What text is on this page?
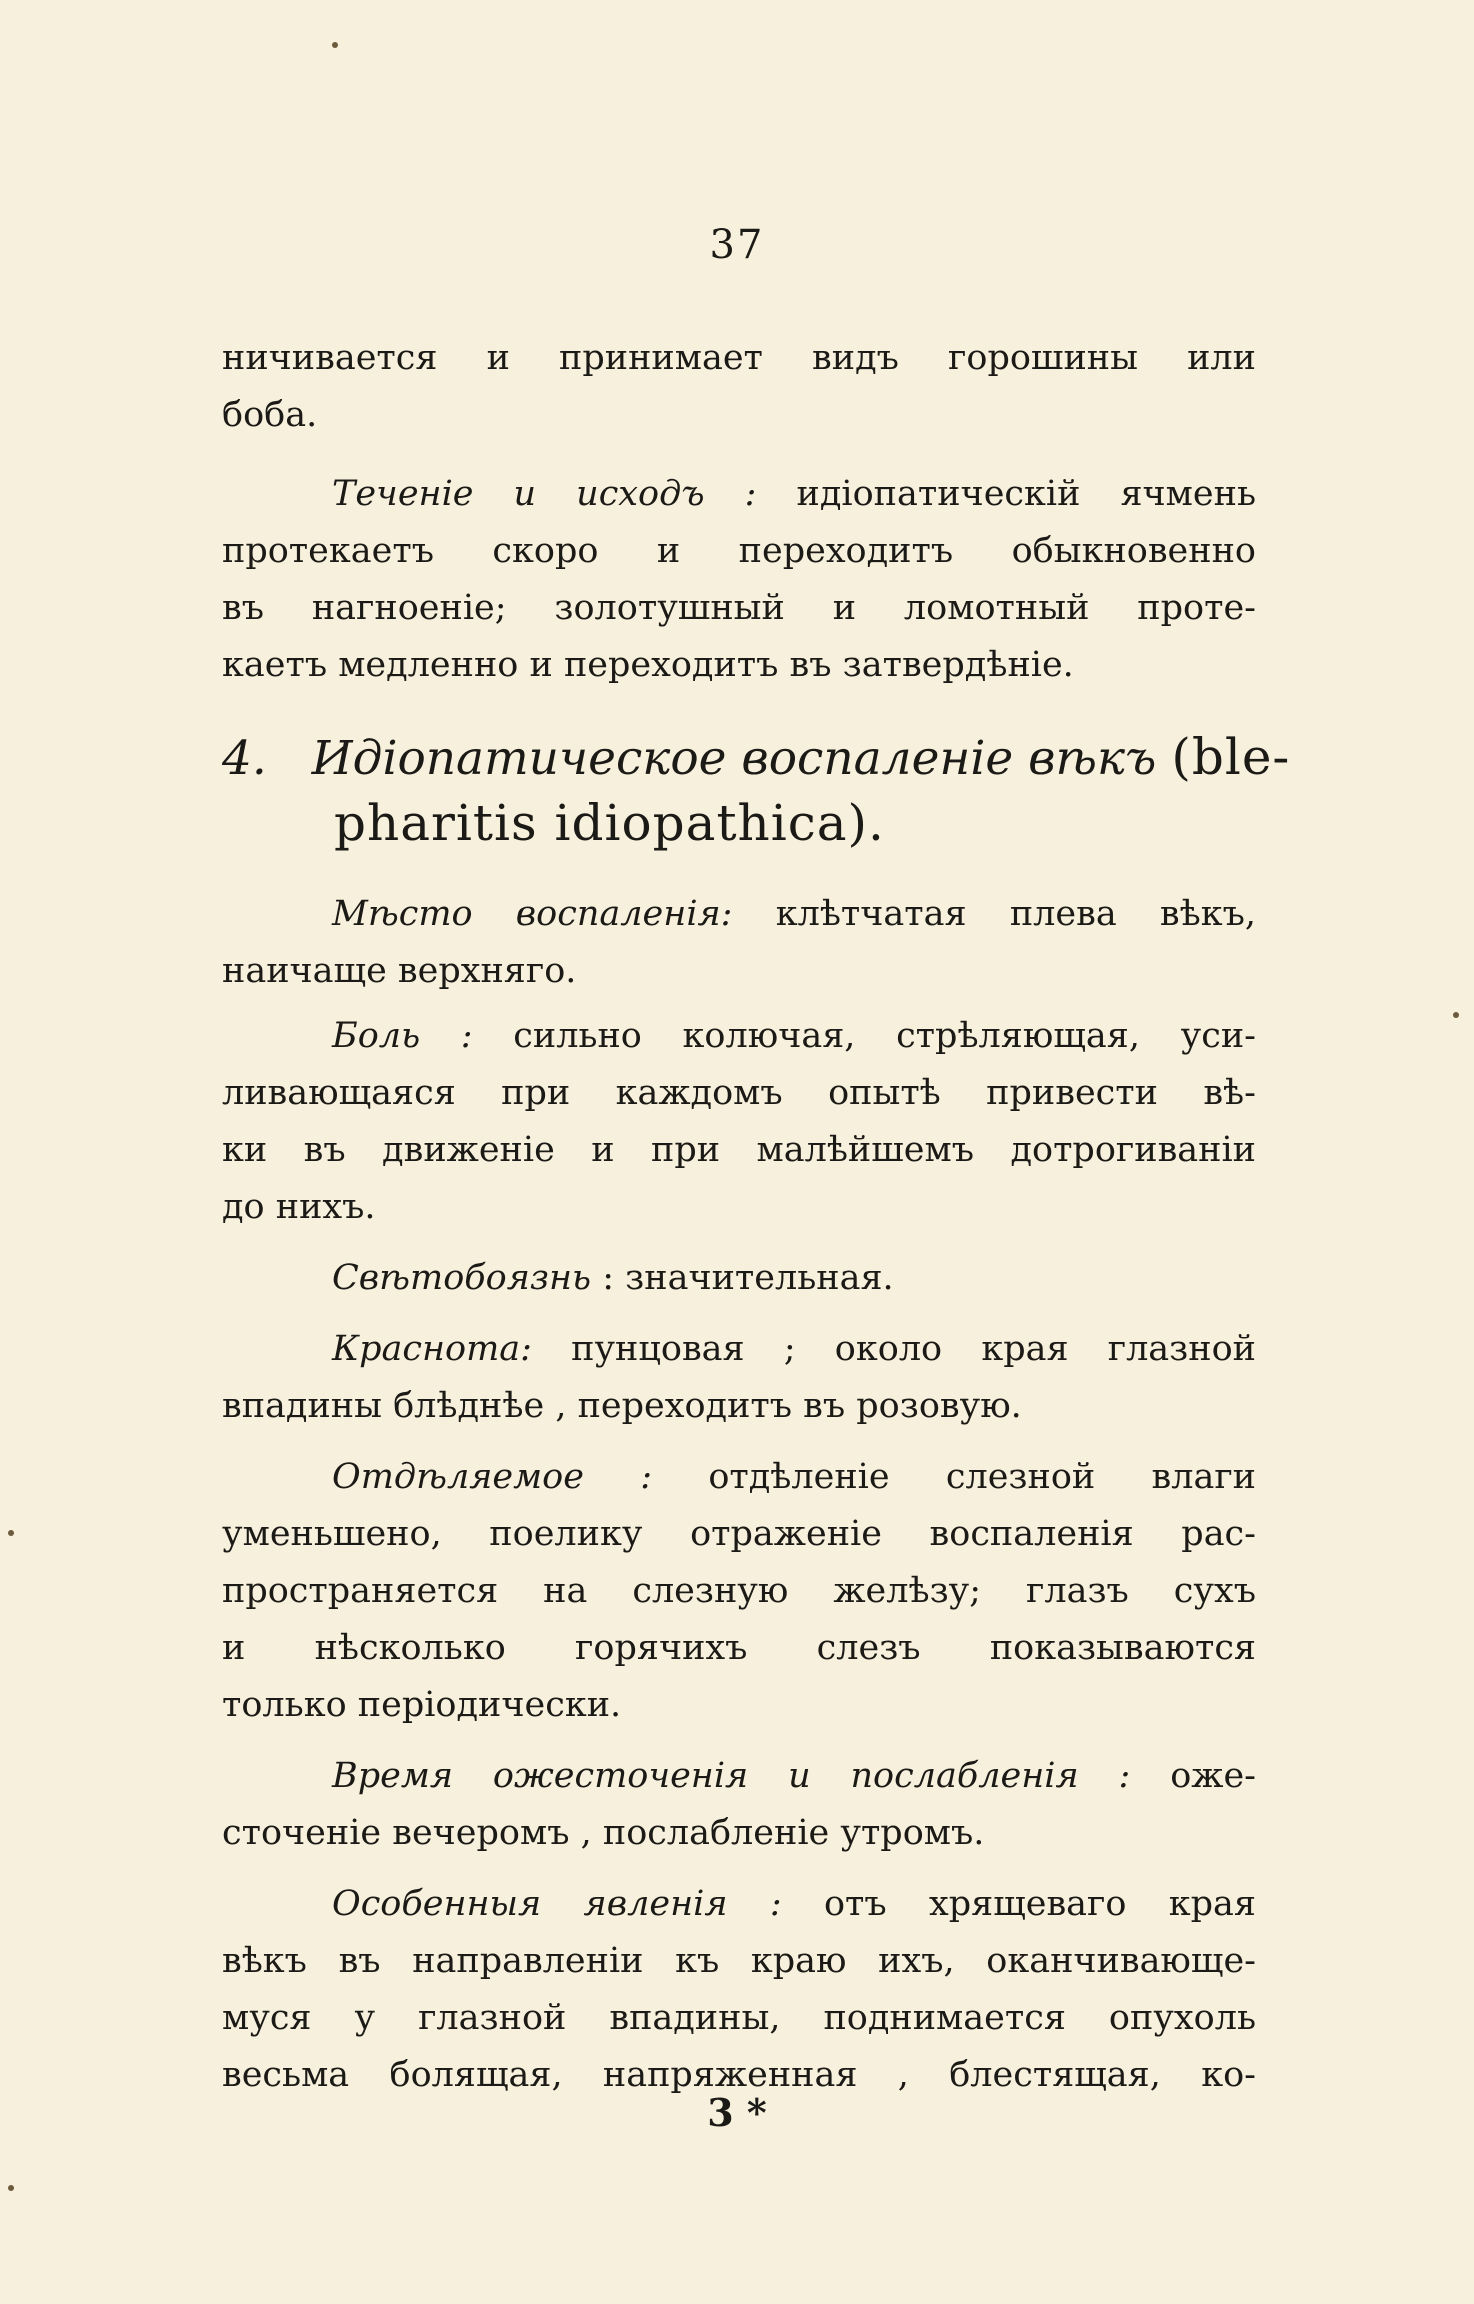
37
ничивается и принимает видъ горошины или
боба.
Теченіе и исходъ : идіопатическій ячмень
протекаетъ скоро и переходитъ обыкновенно
въ нагноеніе; золотушный и ломотный проте-
каетъ медленно и переходитъ въ затвердѣніе.
4. Идіопатическое воспаленіе вѣкъ (ble-
pharitis idiopathica).
Мѣсто воспаленія: клѣтчатая плева вѣкъ,
наичаще верхняго.
Боль : сильно колючая, стрѣляющая, уси-
ливающаяся при каждомъ опытѣ привести вѣ-
ки въ движеніе и при малѣйшемъ дотрогиваніи
до нихъ.
Свѣтобоязнь : значительная.
Краснота: пунцовая ; около края глазной
впадины блѣднѣе , переходитъ въ розовую.
Отдѣляемое : отдѣленіе слезной влаги
уменьшено, поелику отраженіе воспаленія рас-
пространяется на слезную желѣзу; глазъ сухъ
и нѣсколько горячихъ слезъ показываются
только періодически.
Время ожесточенія и послабленія : оже-
сточеніе вечеромъ , послабленіе утромъ.
Особенныя явленія : отъ хрящеваго края
вѣкъ въ направленіи къ краю ихъ, оканчивающе-
муся у глазной впадины, поднимается опухоль
весьма болящая, напряженная , блестящая, ко-
3 *
